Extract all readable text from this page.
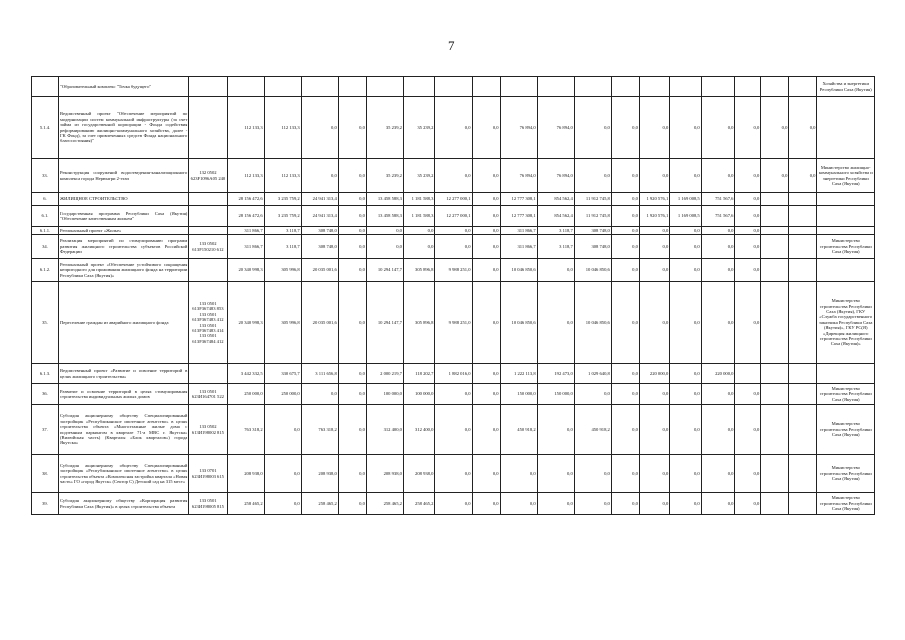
7
	"Образовательный комплекс "Точка будущего"																				Хозяйства и энергетики Республики Саха (Якутия)
5.1.4.	Ведомственный проект "Обеспечение мероприятий по модернизации систем коммунальной инфраструктуры (за счет займа из государственной корпорации - Фонда содействия реформированию жилищно-коммунального хозяйства, далее - ГК Фонд), за счет привлеченных средств Фонда национального благосостояния)"		112 133,3	112 133,3	0,0	0,0	35 239,2	35 239,2	0,0	0,0	76 894,0	76 894,0	0,0	0,0	0,0	0,0	0,0	0,0	0,0	0,0	
33.	Реконструкция сооружений водоотведения-канализационного комплекса города Нерюнгри 2-этап	132 0502 623F1096А05 240	112 133,3	112 133,3	0,0	0,0	35 239,2	35 239,2	0,0	0,0	76 894,0	76 894,0	0,0	0,0	0,0	0,0	0,0	0,0	0,0	0,0	Министерство жилищно-коммунального хозяйства и энергетики Республики Саха (Якутия)
6.	ЖИЛИЩНОЕ СТРОИТЕЛЬСТВО		28 156 472,6	3 235 759,2	24 941 313,4	0,0	13 458 588,3	1 181 588,3	12 277 000,1	0,0	12 777 308,1	854 562,4	11 912 745,8	0,0	1 920 576,1	1 169 008,5	751 567,6	0,0			
6.1.	Государственная программа Республики Саха (Якутия) "Обеспечение качественным жильем"		28 156 472,6	3 235 759,2	24 941 313,4	0,0	13 458 588,3	1 181 588,3	12 277 000,1	0,0	12 777 308,1	854 562,4	11 912 745,8	0,0	1 920 576,1	1 169 008,5	751 567,6	0,0			
6.1.1.	Региональный проект «Жилье»		311 866,7	3 118,7	308 748,0	0,0	0,0	0,0	0,0	0,0	311 866,7	3 118,7	308 748,0	0,0	0,0	0,0	0,0	0,0			
34.	Реализация мероприятий по стимулированию программ развития жилищного строительства субъектов Российской Федерации	133 0502 613F150210 612	311 866,7	3 118,7	308 748,0	0,0	0,0	0,0	0,0	0,0	311 866,7	3 118,7	308 748,0	0,0	0,0	0,0	0,0	0,0			Министерство строительства Республики Саха (Якутия)
6.1.2.	Региональный проект «Обеспечение устойчивого сокращения непригодного для проживания жилищного фонда на территории Республики Саха (Якутия)»		20 340 998,3	305 996,8	20 035 001,6	0,0	10 294 147,7	305 896,8	9 988 251,0	0,0	10 046 850,6	0,0	10 046 850,6	0,0	0,0	0,0	0,0	0,0			
35.	Переселение граждан из аварийного жилищного фонда	133 0501 613F367483 853 133 0501 613F367483 412 133 0501 613F367483 414 133 0501 613F367484 412	20 340 998,3	305 996,8	20 035 001,6	0,0	10 294 147,7	305 896,8	9 988 251,0	0,0	10 046 850,6	0,0	10 046 850,6	0,0	0,0	0,0	0,0	0,0			Министерство строительства Республики Саха (Якутия), ГКУ «Служба государственного заказчика Республики Саха (Якутия)», ГКУ РС(Я) «Дирекция жилищного строительства Республики Саха (Якутия)»
6.1.3.	Ведомственный проект «Развитие и освоение территорий в целях жилищного строительства»		3 442 332,5	330 675,7	3 111 656,8	0,0	2 000 219,7	118 202,7	1 882 016,0	0,0	1 222 113,8	192 473,0	1 029 640,8	0,0	220 000,0	0,0	220 000,0				
36.	Развитие и освоение территорий в целях стимулирования строительства индивидуальных жилых домов	133 0501 623И164701 522	250 000,0	250 000,0	0,0	0,0	100 000,0	100 000,0	0,0	0,0	150 000,0	150 000,0	0,0	0,0	0,0	0,0	0,0	0,0			Министерство строительства Республики Саха (Якутия)
37.	Субсидия акционерному обществу Специализированный застройщик «Республиканское ипотечное агентство» в целях строительства объекта «Многоэтажные жилые дома с подземным паркингом в квартале 71-а МВС г. Якутска» (Вилюйская часть) (Кварталы «Блок кварталов») города Якутска»	133 0502 613И198002 815	763 318,2	0,0	763 318,2	0,0	312 400,0	312 400,0	0,0	0,0	450 918,2	0,0	450 918,2	0,0	0,0	0,0	0,0	0,0			Министерство строительства Республики Саха (Якутия)
38.	Субсидия акционерному обществу Специализированный застройщик «Республиканское ипотечное агентство» в целях строительства объекта «Комплексная застройка квартала «Новая часть» ГО «город Якутск» (Сектор С) Детский сад на 315 мест»	133 0701 623И198003 615	208 938,0	0,0	208 938,0	0,0	208 938,0	208 938,0	0,0	0,0	0,0	0,0	0,0	0,0	0,0	0,0	0,0	0,0			Министерство строительства Республики Саха (Якутия)
39.	Субсидия акционерному обществу «Корпорация развития Республики Саха (Якутия)» в целях строительства объекта	133 0501 623И198005 815	258 465,2	0,0	258 465,2	0,0	258 465,2	258 465,2	0,0	0,0	0,0	0,0	0,0	0,0	0,0	0,0	0,0	0,0			Министерство строительства Республики Саха (Якутия)
